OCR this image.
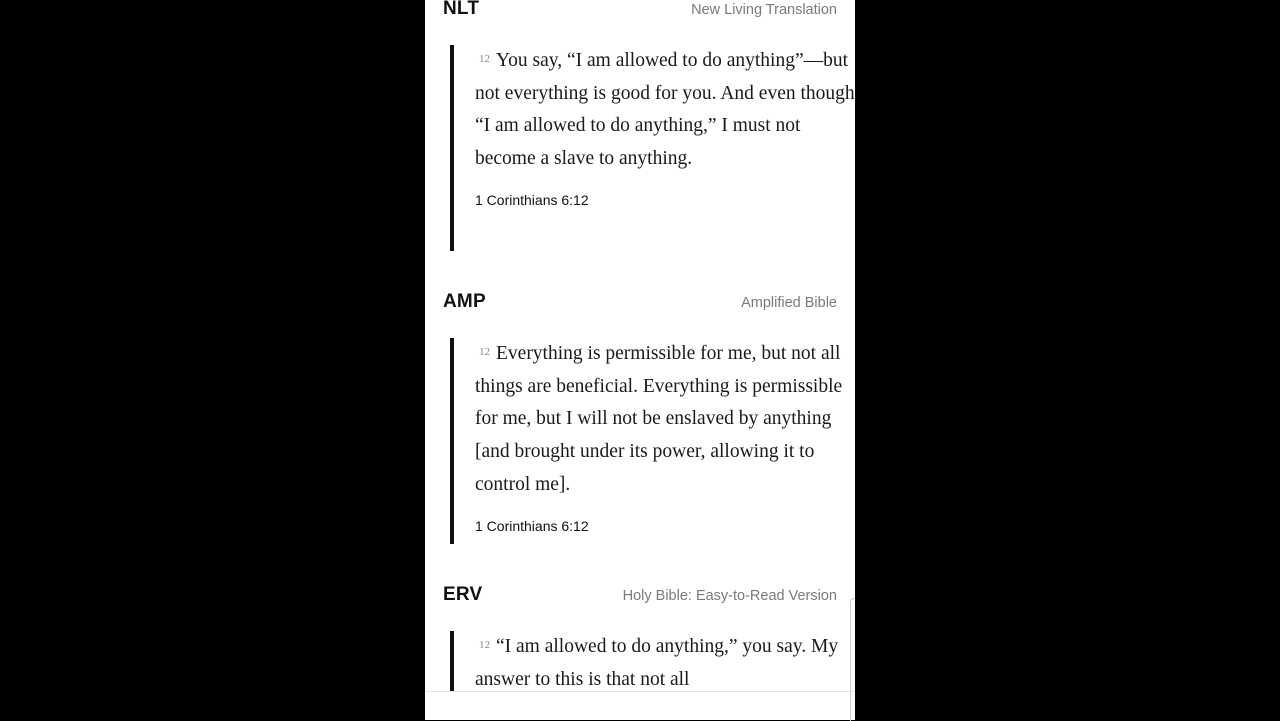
NLT	New Living Translation

$^{12}$ You say, “I am allowed to do anything”—but not everything is good for you. And even though “I am allowed to do anything,” I must not become a slave to anything.

1 Corinthians 6:12
AMP	Amplified Bible

$^{12}$ Everything is permissible for me, but not all things are beneficial. Everything is permissible for me, but I will not be enslaved by anything [and brought under its power, allowing it to control me].

1 Corinthians 6:12
ERV	Holy Bible: Easy-to-Read Version

$^{12}$ “I am allowed to do anything,” you say. My answer to this is that not all
